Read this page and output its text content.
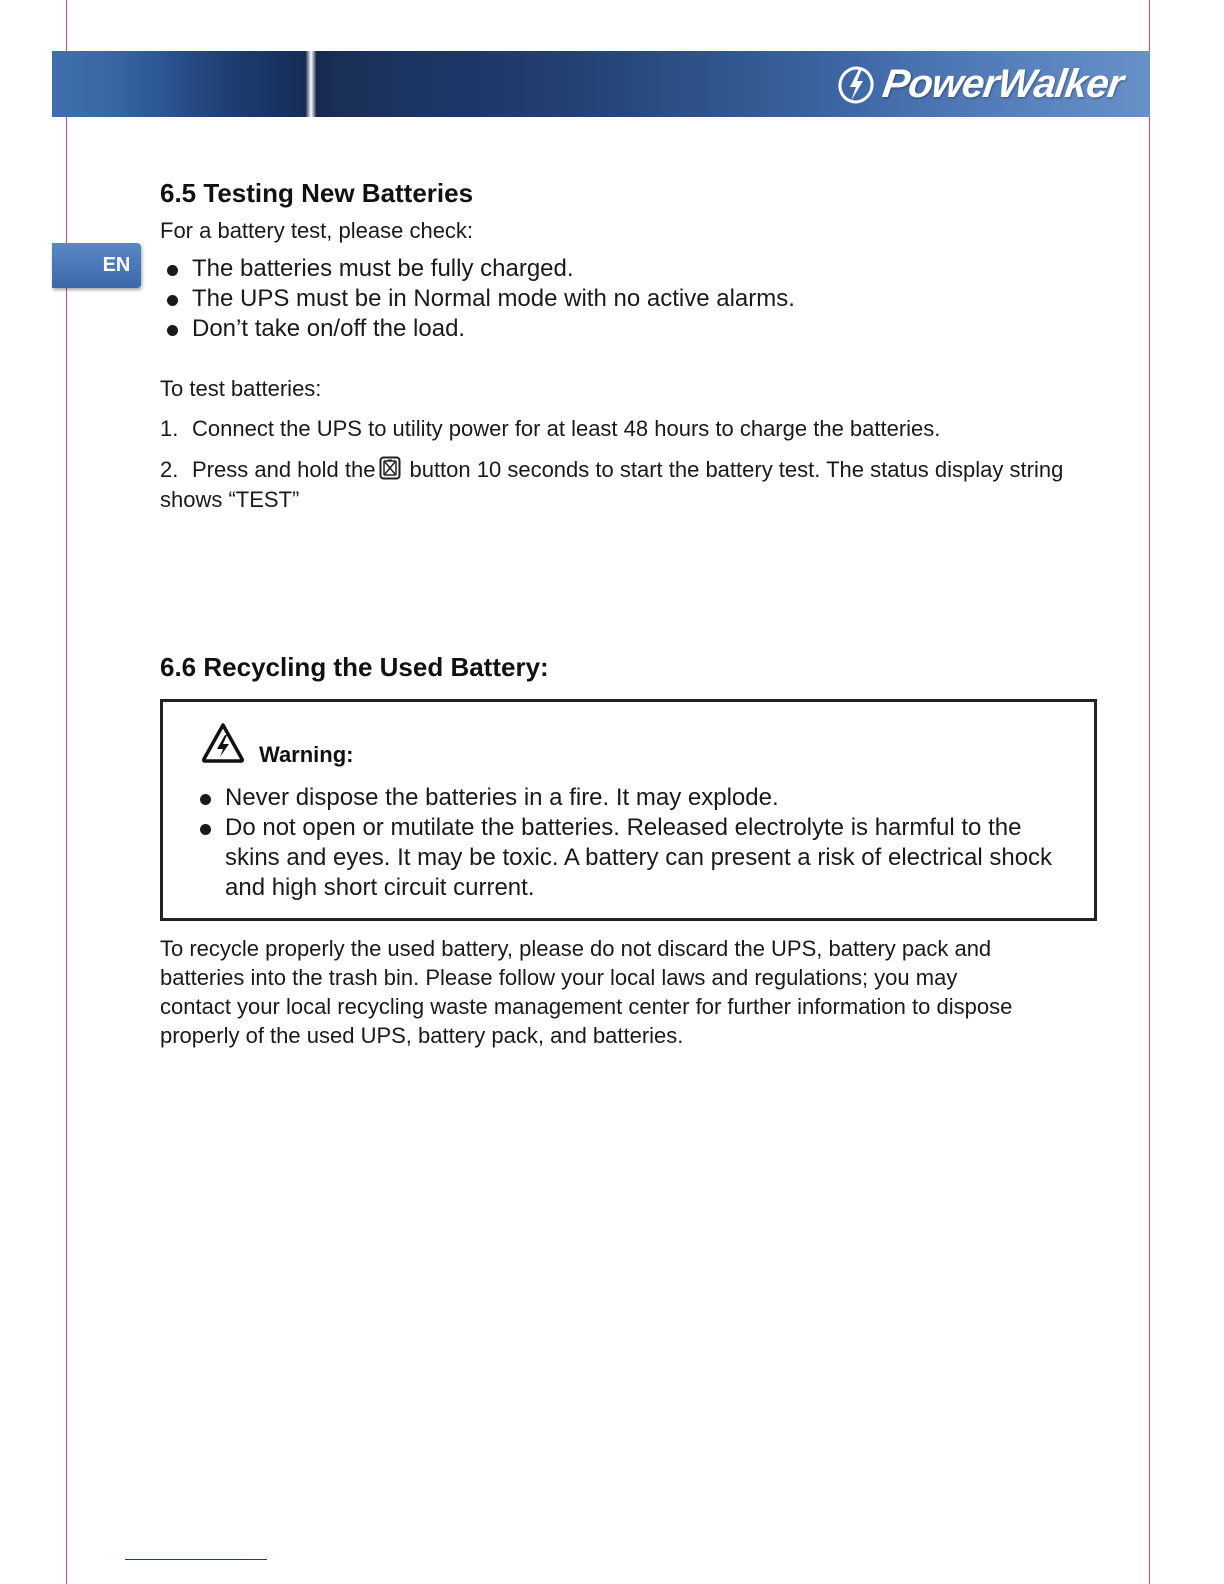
PowerWalker
EN
6.5 Testing New Batteries

For a battery test, please check:

The batteries must be fully charged.
The UPS must be in Normal mode with no active alarms.
Don’t take on/off the load.

To test batteries:

1. Connect the UPS to utility power for at least 48 hours to charge the batteries.

2. Press and hold the button 10 seconds to start the battery test. The status display string shows “TEST”

6.6 Recycling the Used Battery:
Warning:
Never dispose the batteries in a fire. It may explode.
Do not open or mutilate the batteries. Released electrolyte is harmful to the skins and eyes. It may be toxic. A battery can present a risk of electrical shock and high short circuit current.

To recycle properly the used battery, please do not discard the UPS, battery pack and batteries into the trash bin. Please follow your local laws and regulations; you may contact your local recycling waste management center for further information to dispose properly of the used UPS, battery pack, and batteries.
